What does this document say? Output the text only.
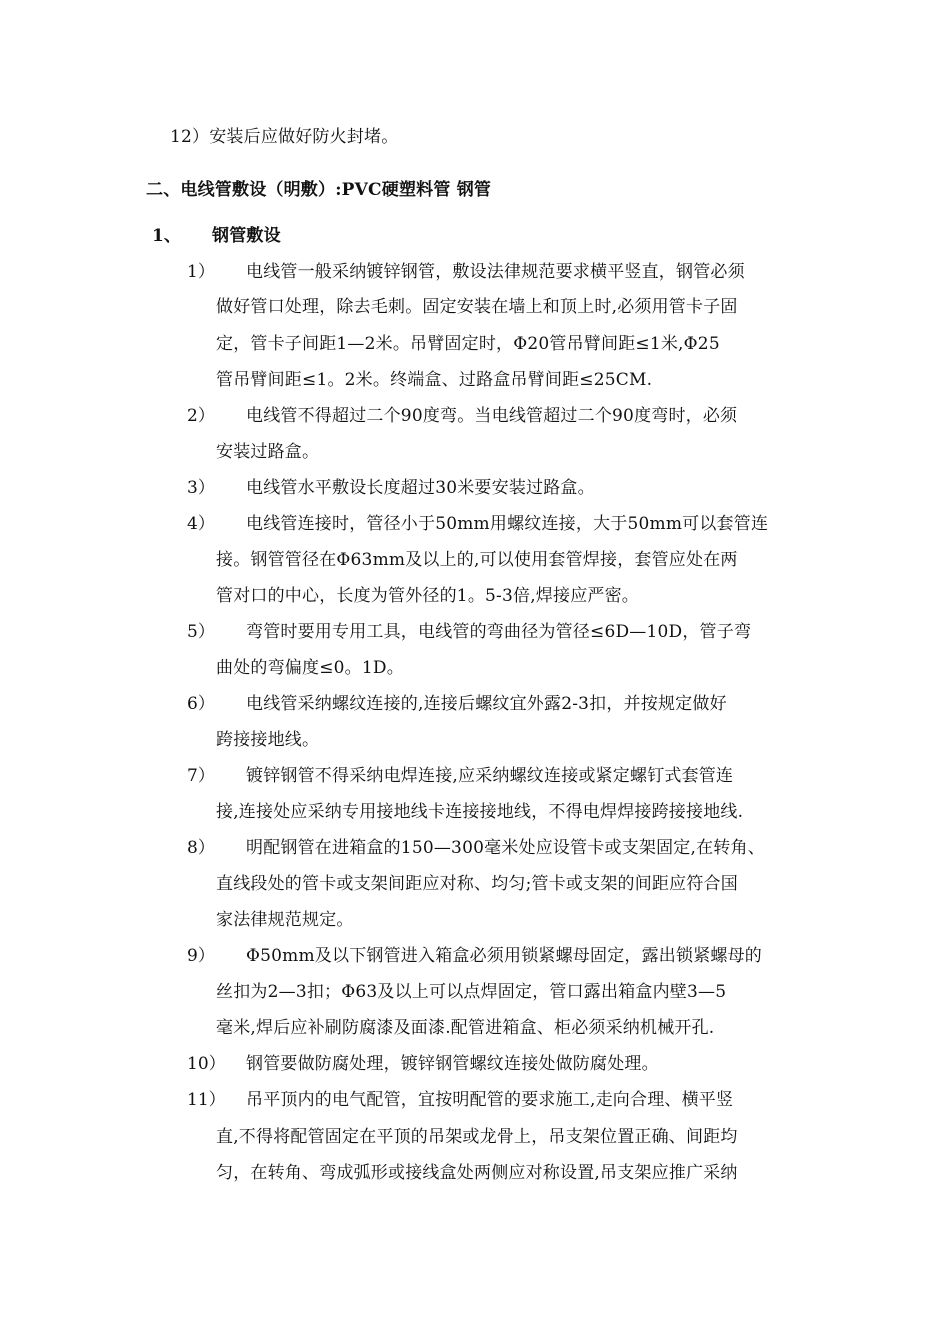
12）安装后应做好防火封堵。
二、电线管敷设（明敷）:PVC硬塑料管 钢管
1、 钢管敷设
1） 电线管一般采纳镀锌钢管，敷设法律规范要求横平竖直，钢管必须
做好管口处理，除去毛刺。固定安装在墙上和顶上时,必须用管卡子固
定，管卡子间距1—2米。吊臂固定时，Φ20管吊臂间距≤1米,Φ25
管吊臂间距≤1。2米。终端盒、过路盒吊臂间距≤25CM.
2） 电线管不得超过二个90度弯。当电线管超过二个90度弯时，必须
安装过路盒。
3） 电线管水平敷设长度超过30米要安装过路盒。
4） 电线管连接时，管径小于50mm用螺纹连接，大于50mm可以套管连
接。钢管管径在Φ63mm及以上的,可以使用套管焊接，套管应处在两
管对口的中心，长度为管外径的1。5-3倍,焊接应严密。
5） 弯管时要用专用工具，电线管的弯曲径为管径≤6D—10D，管子弯
曲处的弯偏度≤0。1D。
6） 电线管采纳螺纹连接的,连接后螺纹宜外露2-3扣，并按规定做好
跨接接地线。
7） 镀锌钢管不得采纳电焊连接,应采纳螺纹连接或紧定螺钉式套管连
接,连接处应采纳专用接地线卡连接接地线，不得电焊焊接跨接接地线.
8） 明配钢管在进箱盒的150—300毫米处应设管卡或支架固定,在转角、
直线段处的管卡或支架间距应对称、均匀;管卡或支架的间距应符合国
家法律规范规定。
9） Φ50mm及以下钢管进入箱盒必须用锁紧螺母固定，露出锁紧螺母的
丝扣为2—3扣；Φ63及以上可以点焊固定，管口露出箱盒内壁3—5
毫米,焊后应补刷防腐漆及面漆.配管进箱盒、柜必须采纳机械开孔.
10） 钢管要做防腐处理，镀锌钢管螺纹连接处做防腐处理。
11） 吊平顶内的电气配管，宜按明配管的要求施工,走向合理、横平竖
直,不得将配管固定在平顶的吊架或龙骨上，吊支架位置正确、间距均
匀，在转角、弯成弧形或接线盒处两侧应对称设置,吊支架应推广采纳
